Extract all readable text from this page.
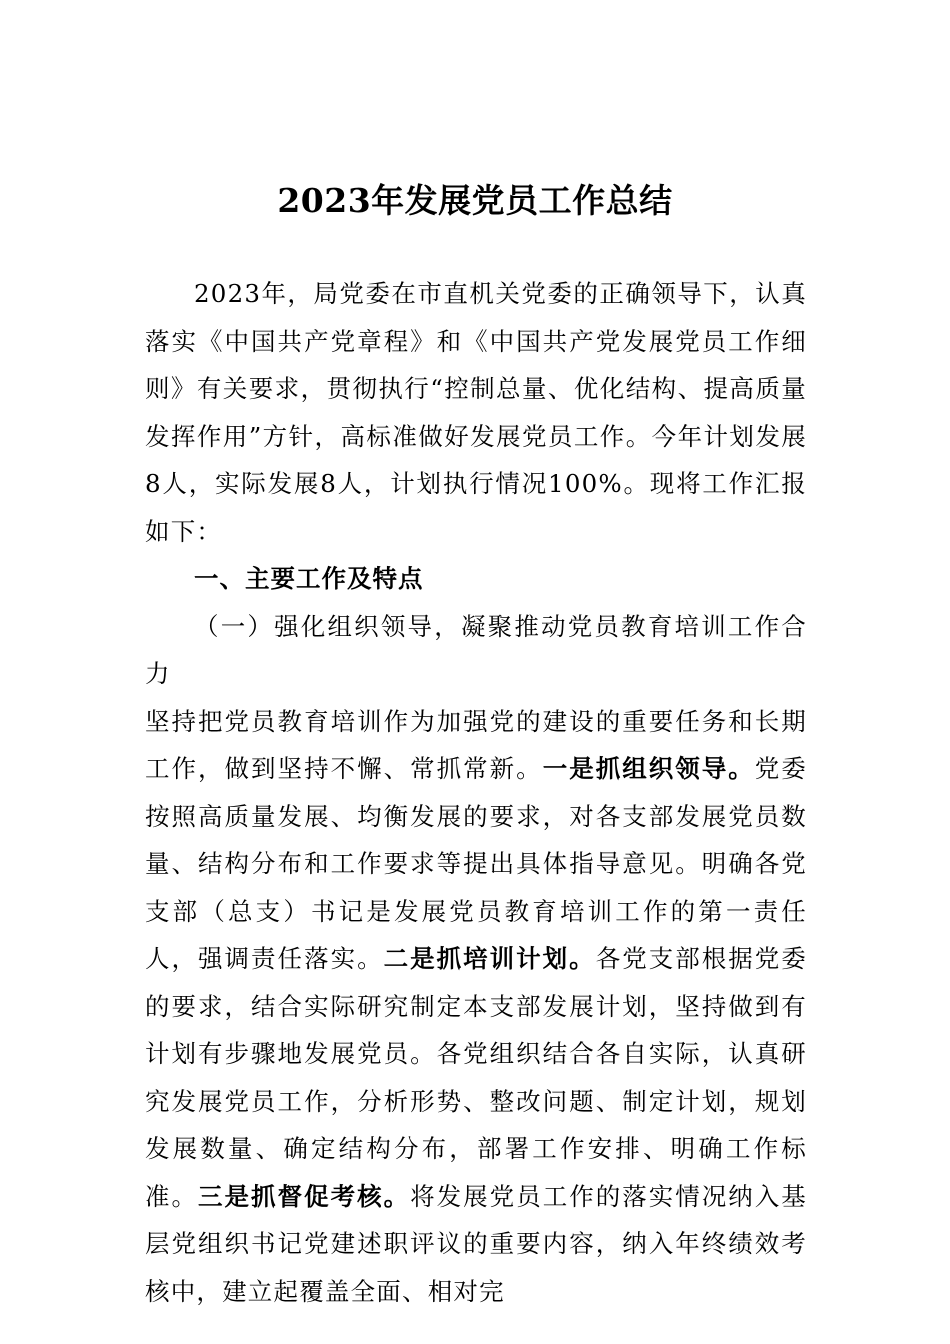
2023年发展党员工作总结

2023年，局党委在市直机关党委的正确领导下，认真落实《中国共产党章程》和《中国共产党发展党员工作细则》有关要求，贯彻执行“控制总量、优化结构、提高质量发挥作用”方针，高标准做好发展党员工作。今年计划发展8人，实际发展8人，计划执行情况100%。现将工作汇报如下：

一、主要工作及特点

（一）强化组织领导，凝聚推动党员教育培训工作合力

坚持把党员教育培训作为加强党的建设的重要任务和长期工作，做到坚持不懈、常抓常新。一是抓组织领导。党委按照高质量发展、均衡发展的要求，对各支部发展党员数量、结构分布和工作要求等提出具体指导意见。明确各党支部（总支）书记是发展党员教育培训工作的第一责任人，强调责任落实。二是抓培训计划。各党支部根据党委的要求，结合实际研究制定本支部发展计划，坚持做到有计划有步骤地发展党员。各党组织结合各自实际，认真研究发展党员工作，分析形势、整改问题、制定计划，规划发展数量、确定结构分布，部署工作安排、明确工作标准。三是抓督促考核。将发展党员工作的落实情况纳入基层党组织书记党建述职评议的重要内容，纳入年终绩效考核中，建立起覆盖全面、相对完
